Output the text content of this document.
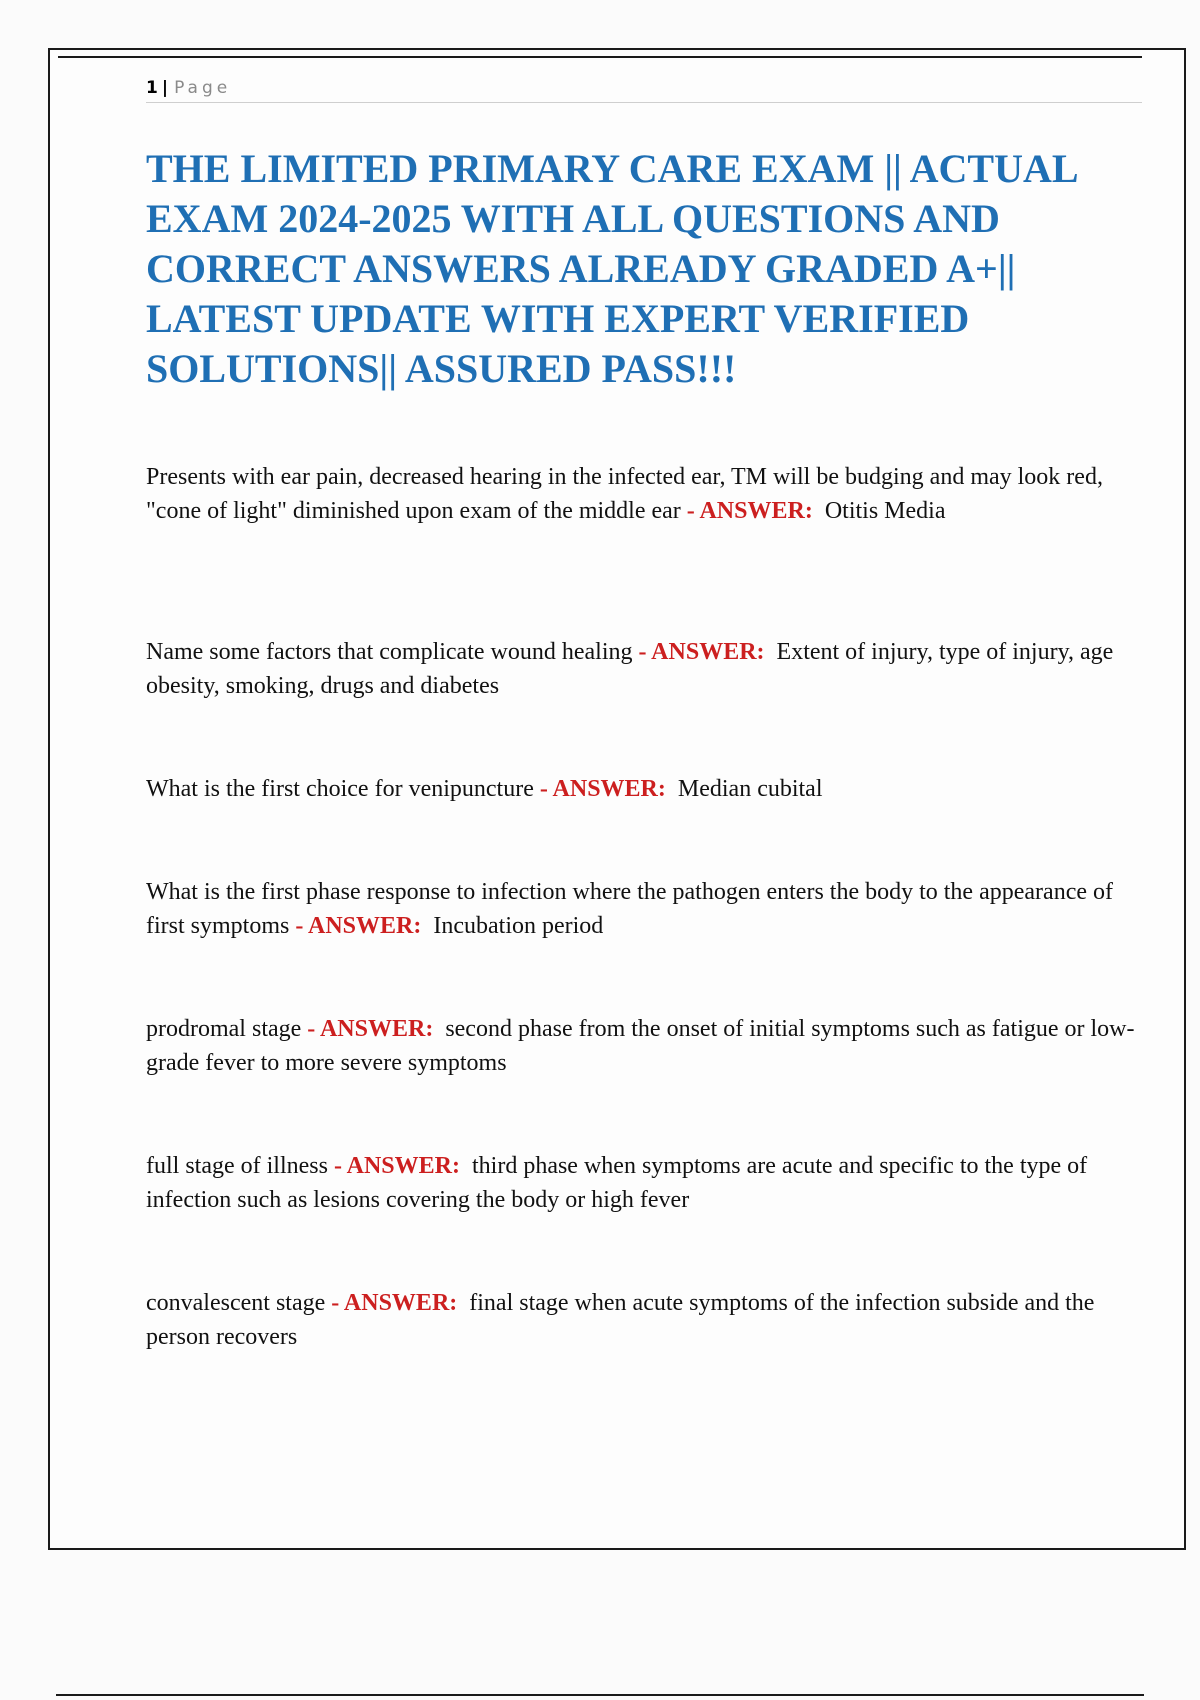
1 | Page
THE LIMITED PRIMARY CARE EXAM || ACTUAL EXAM 2024-2025 WITH ALL QUESTIONS AND CORRECT ANSWERS ALREADY GRADED A+|| LATEST UPDATE WITH EXPERT VERIFIED SOLUTIONS|| ASSURED PASS!!!

Presents with ear pain, decreased hearing in the infected ear, TM will be budging and may look red, "cone of light" diminished upon exam of the middle ear - ANSWER: Otitis Media

Name some factors that complicate wound healing - ANSWER: Extent of injury, type of injury, age obesity, smoking, drugs and diabetes

What is the first choice for venipuncture - ANSWER: Median cubital

What is the first phase response to infection where the pathogen enters the body to the appearance of first symptoms - ANSWER: Incubation period

prodromal stage - ANSWER: second phase from the onset of initial symptoms such as fatigue or low-grade fever to more severe symptoms

full stage of illness - ANSWER: third phase when symptoms are acute and specific to the type of infection such as lesions covering the body or high fever

convalescent stage - ANSWER: final stage when acute symptoms of the infection subside and the person recovers
